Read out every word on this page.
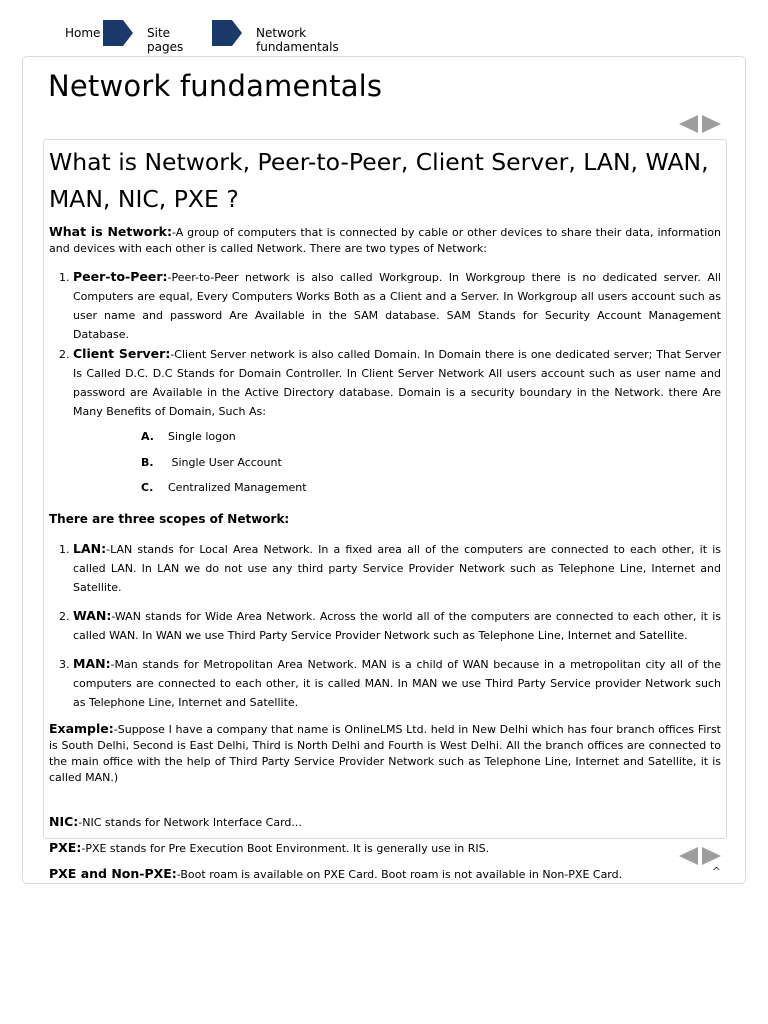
Home	Site pages
Network fundamentals
Network fundamentals
What is Network, Peer-to-Peer, Client Server, LAN, WAN, MAN, NIC, PXE ?

What is Network:-A group of computers that is connected by cable or other devices to share their data, information and devices with each other is called Network. There are two types of Network:

1. Peer-to-Peer:-Peer-to-Peer network is also called Workgroup. In Workgroup there is no dedicated server. All Computers are equal, Every Computers Works Both as a Client and a Server. In Workgroup all users account such as user name and password Are Available in the SAM database. SAM Stands for Security Account Management Database.
2. Client Server:-Client Server network is also called Domain. In Domain there is one dedicated server; That Server Is Called D.C. D.C Stands for Domain Controller. In Client Server Network All users account such as user name and password are Available in the Active Directory database. Domain is a security boundary in the Network. there Are Many Benefits of Domain, Such As:
A.	Single logon
B.	Single User Account
C.	Centralized Management

There are three scopes of Network:

1. LAN:-LAN stands for Local Area Network. In a fixed area all of the computers are connected to each other, it is called LAN. In LAN we do not use any third party Service Provider Network such as Telephone Line, Internet and Satellite.
2. WAN:-WAN stands for Wide Area Network. Across the world all of the computers are connected to each other, it is called WAN. In WAN we use Third Party Service Provider Network such as Telephone Line, Internet and Satellite.
3. MAN:-Man stands for Metropolitan Area Network. MAN is a child of WAN because in a metropolitan city all of the computers are connected to each other, it is called MAN. In MAN we use Third Party Service provider Network such as Telephone Line, Internet and Satellite.

Example:-Suppose I have a company that name is OnlineLMS Ltd. held in New Delhi which has four branch offices First is South Delhi, Second is East Delhi, Third is North Delhi and Fourth is West Delhi. All the branch offices are connected to the main office with the help of Third Party Service Provider Network such as Telephone Line, Internet and Satellite, it is called MAN.)

NIC:-NIC stands for Network Interface Card...

PXE:-PXE stands for Pre Execution Boot Environment. It is generally use in RIS.

PXE and Non-PXE:-Boot roam is available on PXE Card. Boot roam is not available in Non-PXE Card.	^
